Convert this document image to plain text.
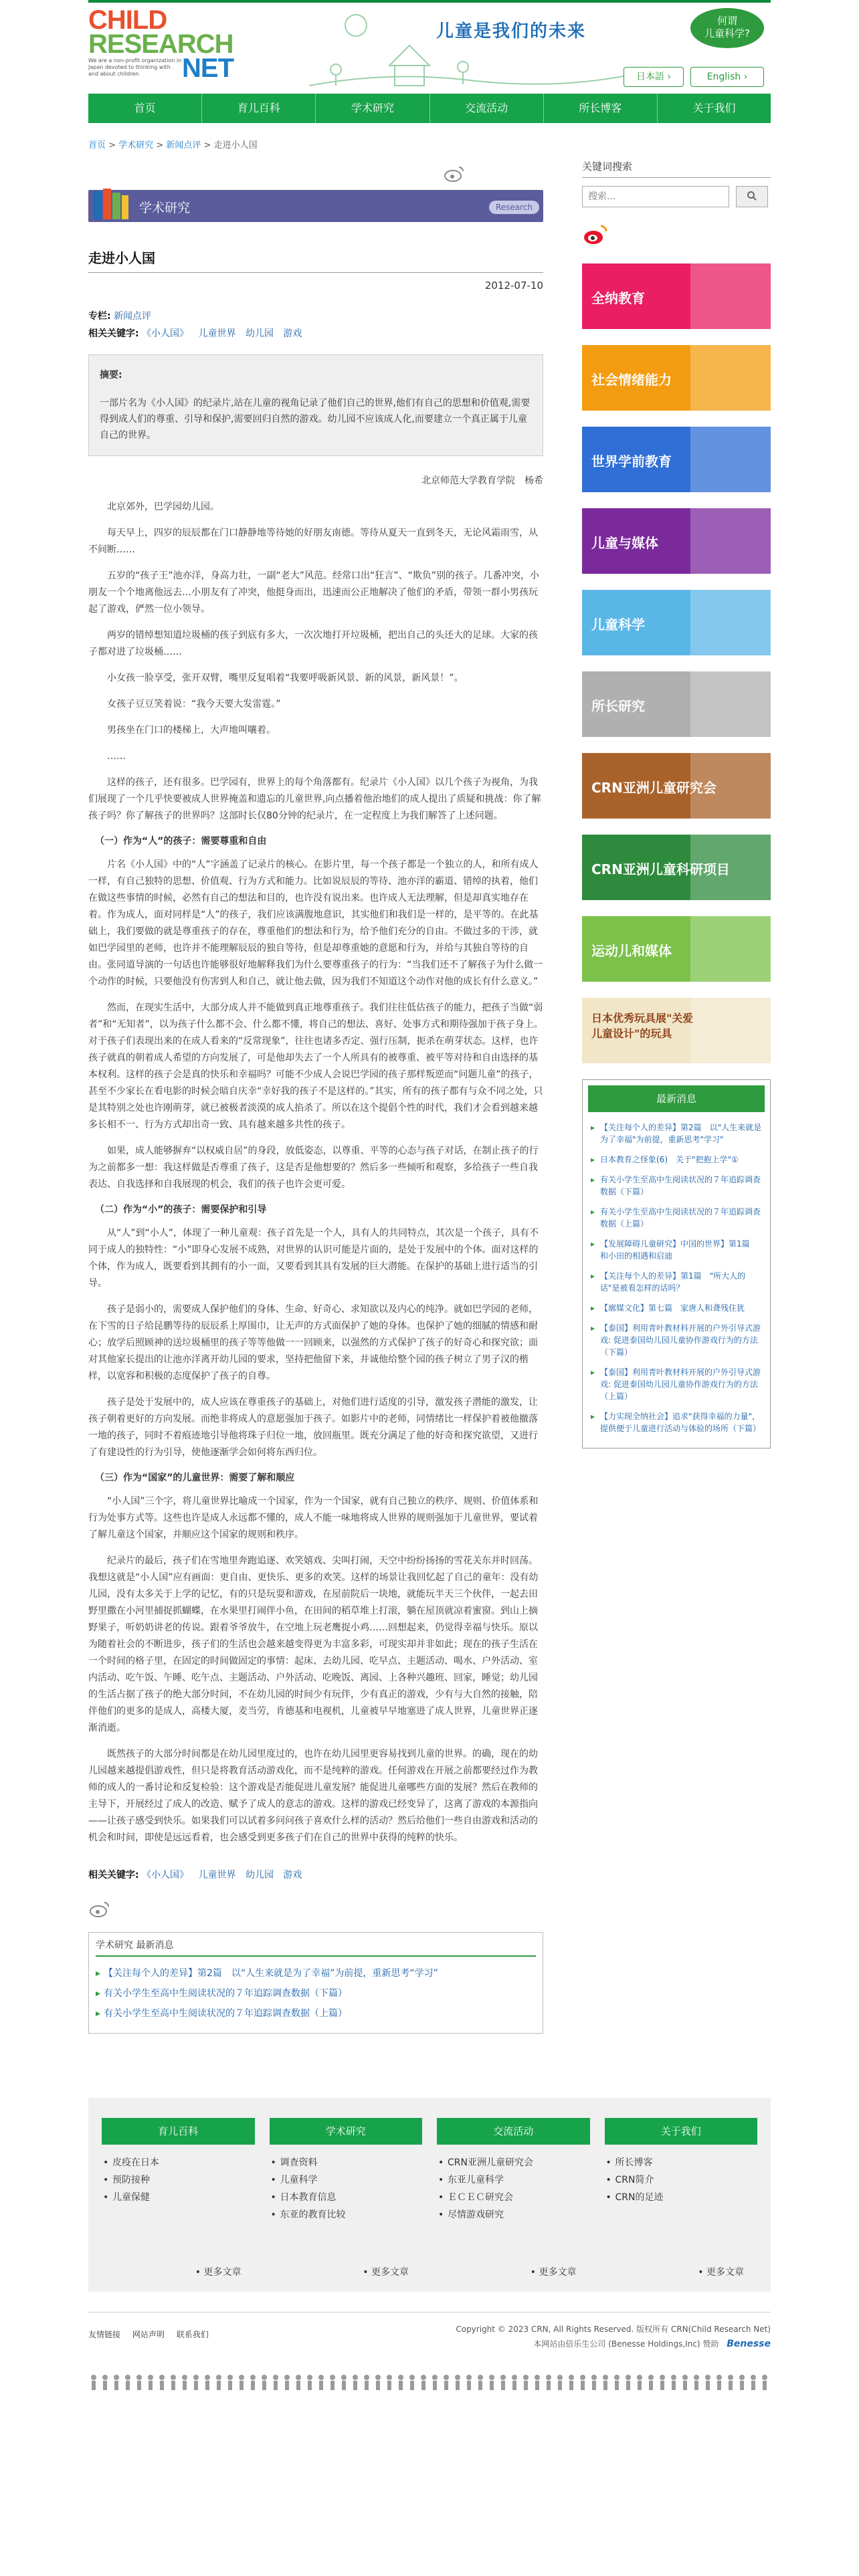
CHILD
RESEARCH
NET
We are a non-profit organization in Japan devoted to thinking with and about children
儿童是我们的未来
何谓
儿童科学?
日本語 ›	English ›
首页	育儿百科	学术研究	交流活动	所长博客	关于我们
首页 > 学术研究 > 新闻点评 > 走进小人国
学术研究	Research
走进小人国
2012-07-10
专栏: 新闻点评
相关关键字: 《小人国》 儿童世界 幼儿园 游戏
摘要:
一部片名为《小人国》的纪录片,站在儿童的视角记录了他们自己的世界,他们有自己的思想和价值观,需要得到成人们的尊重、引导和保护,需要回归自然的游戏。幼儿园不应该成人化,而要建立一个真正属于儿童自己的世界。
北京师范大学教育学院　杨希

北京郊外，巴学园幼儿园。

每天早上，四岁的辰辰都在门口静静地等待她的好朋友南德。等待从夏天一直到冬天，无论风霜雨雪，从不间断……

五岁的“孩子王”池亦洋，身高力壮，一副“老大”风范。经常口出“狂言”、“欺负”别的孩子。几番冲突，小朋友一个个地离他远去…小朋友有了冲突，他挺身而出，迅速而公正地解决了他们的矛盾，带领一群小男孩玩起了游戏，俨然一位小领导。

两岁的错绰想知道垃圾桶的孩子到底有多大，一次次地打开垃圾桶，把出自己的头还大的足球。大家的孩子都对进了垃圾桶……

小女孩一脸享受，张开双臂，嘴里反复唱着“我要呼吸新风景、新的风景，新风景！”。

女孩子豆豆笑着说：“我今天要大发雷霆。”

男孩坐在门口的楼梯上，大声地叫嚷着。

……

这样的孩子，还有很多。巴学园有，世界上的每个角落都有。纪录片《小人国》以几个孩子为视角，为我们展现了一个几乎快要被成人世界掩盖和遗忘的儿童世界,向点播着他治地们的成人提出了质疑和挑战：你了解孩子吗？你了解孩子的世界吗？这部时长仅80分钟的纪录片，在一定程度上为我们解答了上述问题。

（一）作为“人”的孩子：需要尊重和自由

片名《小人国》中的“人”字涵盖了记录片的核心。在影片里，每一个孩子都是一个独立的人，和所有成人一样，有自己独特的思想、价值观、行为方式和能力。比如说辰辰的等待、池亦洋的霸道、错绰的执着，他们在做这些事情的时候，必然有自己的想法和目的，也许没有说出来。也许成人无法理解，但是却真实地存在着。作为成人，面对同样是“人”的孩子，我们应该满腹地意识，其实他们和我们是一样的，是平等的。在此基础上，我们要做的就是尊重孩子的存在，尊重他们的想法和行为，给予他们充分的自由。不做过多的干涉，就如巴学园里的老师，也许并不能理解辰辰的独自等待，但是却尊重她的意愿和行为，并给与其独自等待的自由。张同道导演的一句话也许能够很好地解释我们为什么要尊重孩子的行为：“当我们还不了解孩子为什么做一个动作的时候，只要他没有伤害到人和自己，就让他去做，因为我们不知道这个动作对他的成长有什么意义。”

然而，在现实生活中，大部分成人并不能做到真正地尊重孩子。我们往往低估孩子的能力，把孩子当做“弱者”和“无知者”，以为孩子什么都不会、什么都不懂，将自己的想法、喜好、处事方式和期待强加于孩子身上。对于孩子们表现出来的在成人看来的“反常现象”，往往也诸多否定、强行压制，扼杀在萌芽状态。这样，也许孩子就真的朝着成人希望的方向发展了，可是他却失去了一个人所具有的被尊重、被平等对待和自由选择的基本权利。这样的孩子会是真的快乐和幸福吗？可能不少成人会说巴学园的孩子那样叛逆而“问题儿童”的孩子，甚至不少家长在看电影的时候会暗自庆幸“幸好我的孩子不是这样的。”其实，所有的孩子都有与众不同之处，只是其特别之处也许刚萌芽，就已被极者淡漠的成人掐杀了。所以在这个提倡个性的时代，我们才会看到越来越多长相不一、行为方式却出奇一致、具有越来越多共性的孩子。

如果，成人能够摒弃“以权威自居”的身段，放低姿态，以尊重、平等的心态与孩子对话，在制止孩子的行为之前都多一想：我这样做是否尊重了孩子，这是否是他想要的？然后多一些倾听和观察，多给孩子一些自我表达、自我选择和自我展现的机会，我们的孩子也许会更可爱。

（二）作为“小”的孩子：需要保护和引导

从“人”到“小人”，体现了一种儿童观：孩子首先是一个人，具有人的共同特点，其次是一个孩子，具有不同于成人的独特性：“小”即身心发展不成熟，对世界的认识可能是片面的，是处于发展中的个体。面对这样的个体，作为成人，既要看到其拥有的小一面，又要看到其具有发展的巨大潜能。在保护的基础上进行适当的引导。

孩子是弱小的，需要成人保护他们的身体、生命、好奇心、求知欲以及内心的纯净。就如巴学园的老师，在下雪的日子给昆鹏等待的辰辰系上厚围巾，让无声的方式面保护了她的身体。也保护了她的细腻的情感和耐心；放学后照顾神的送垃圾桶里的孩子等等他做一一回顾来，以强然的方式保护了孩子的好奇心和探究欲；面对其他家长提出的让池亦洋离开幼儿园的要求，坚持把他留下来，并诚他给整个园的孩子树立了男子汉的楷样，以宽容和积极的态度保护了孩子的自尊。

孩子是处于发展中的，成人应该在尊重孩子的基础上，对他们进行适度的引导，激发孩子潜能的激发，让孩子朝着更好的方向发展。而绝非将成人的意愿强加于孩子。如影片中的老师，同情绪比一样保护着被他撤落一地的孩子，同时不着痕迹地引导他将珠子归位一地，放回瓶里。既充分满足了他的好奇和探究欲望，又进行了有建设性的行为引导，使他逐渐学会如何将东西归位。

（三）作为“国家”的儿童世界：需要了解和顺应

“小人国”三个字，将儿童世界比喻成一个国家，作为一个国家，就有自己独立的秩序、规则、价值体系和行为处事方式等。这些也许是成人永远都不懂的，成人不能一味地将成人世界的规则强加于儿童世界，要试着了解儿童这个国家，并顺应这个国家的规则和秩序。

纪录片的最后，孩子们在雪地里奔跑追逐、欢笑嬉戏、尖叫打闹，天空中纷纷扬扬的雪花关东并时回荡。我想这就是“小人国”应有画面：更自由、更快乐、更多的欢笑。这样的场景让我回忆起了自己的童年：没有幼儿园，没有太多关于上学的记忆，有的只是玩耍和游戏，在屋前院后一块地，就能玩半天三个伙伴，一起去田野里撒在小河里捕捉抓蝴蝶，在水果里打闹伴小鱼，在田间的稻草堆上打滚，躺在屋顶就凉着蜜窗。到山上摘野果子，听奶奶讲老的传说。跟着爷爷放牛，在空地上玩老鹰捉小鸡……回想起来，仍觉得幸福与快乐。原以为随着社会的不断进步，孩子们的生活也会越来越变得更为丰富多彩，可现实却并非如此；现在的孩子生活在一个时间的格子里，在固定的时间做固定的事情：起床、去幼儿园、吃早点、主题活动、喝水、户外活动、室内活动、吃午饭、午睡、吃午点、主题活动、户外活动、吃晚饭、离园、上各种兴趣班、回家，睡觉；幼儿园的生活占据了孩子的绝大部分时间，不在幼儿园的时间少有玩伴，少有真正的游戏，少有与大自然的接触，陪伴他们的更多的是成人，高楼大厦，麦当劳，肯德基和电视机，儿童被早早地塞进了成人世界，儿童世界正逐渐消逝。

既然孩子的大部分时间都是在幼儿园里度过的，也许在幼儿园里更容易找到儿童的世界。的确，现在的幼儿园越来越提倡游戏性，但只是将教育活动游戏化，而不是纯粹的游戏。任何游戏在开展之前都要经过作为教师的成人的一番讨论和反复检验：这个游戏是否能促进儿童发展？能促进儿童哪些方面的发展？然后在教师的主导下，开展经过了成人的改造、赋予了成人的意志的游戏。这样的游戏已经变异了，这离了游戏的本源指向——让孩子感受到快乐。如果我们可以试着多问问孩子喜欢什么样的活动？然后给他们一些自由游戏和活动的机会和时间，即使是远远看着，也会感受到更多孩子们在自己的世界中获得的纯粹的快乐。

相关关键字: 《小人国》 儿童世界 幼儿园 游戏
学术研究 最新消息
▸ 【关注每个人的差异】第2篇　以“人生来就是为了幸福”为前提，重新思考“学习”
▸ 有关小学生至高中生阅读状况的７年追踪调查数据（下篇）
▸ 有关小学生至高中生阅读状况的７年追踪调查数据（上篇）
关键词搜索
搜索...
全纳教育
社会情绪能力
世界学前教育
儿童与媒体
儿童科学
所长研究
CRN亚洲儿童研究会
CRN亚洲儿童科研项目
运动儿和媒体
日本优秀玩具展"关爱儿童设计"的玩具
最新消息
▸ 【关注每个人的差异】第2篇　以"人生来就是为了幸福"为前提，重新思考"学习"
▸ 日本教育之怪象(6)　关于"把抱上学"①
▸ 有关小学生至高中生阅读状况的７年追踪调查数据（下篇）
▸ 有关小学生至高中生阅读状况的７年追踪调查数据（上篇）
▸ 【发展障碍儿童研究】中国的世界】第1篇　和小田的相遇和启迪
▸ 【关注每个人的差异】第1篇　"所大人的话"是被看怎样的话吗？
▸ 【廓媒文化】第七篇　家唐人和聋残住犹
▸ 【泰国】利用青叶教材科开展的户外引导式游戏: 促进泰国幼儿园儿童协作游戏行为的方法（下篇）
▸ 【泰国】利用青叶教材科开展的户外引导式游戏: 促进泰国幼儿园儿童协作游戏行为的方法（上篇）
▸ 【力实现全纳社会】追求"获得幸福的力量"，提供便于儿童进行活动与体验的场所（下篇）
育儿百科
• 皮疫在日本
• 预防接种
• 儿童保健
• 更多文章
学术研究
• 调查资料
• 儿童科学
• 日本教育信息
• 东亚的教育比较
• 更多文章
交流活动
• CRN亚洲儿童研究会
• 东亚儿童科学
• ＥＣＥＣ研究会
• 尽情游戏研究
• 更多文章
关于我们
• 所长博客
• CRN简介
• CRN的足迹
• 更多文章
友情链接 网站声明 联系我们
Copyright © 2023 CRN, All Rights Reserved. 版权所有 CRN(Child Research Net)
本网站由倍乐生公司 (Benesse Holdings,Inc) 赞助 Benesse
